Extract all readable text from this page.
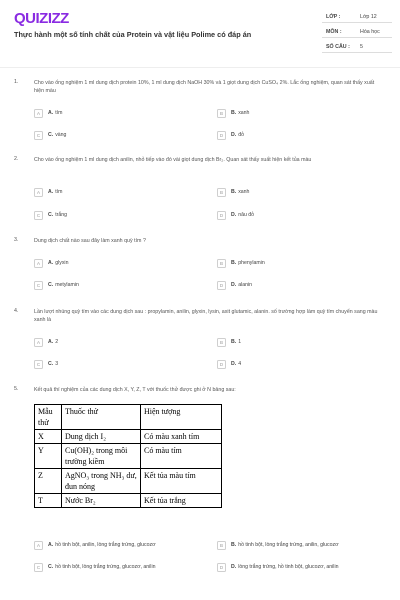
QUIZIZZ
Thực hành một số tính chất của Protein và vật liệu Polime có đáp án
LỚP :	Lớp 12
MÔN :	Hóa học
SỐ CÂU : 5
1.	Cho vào ống nghiệm 1 ml dung dịch protein 10%, 1 ml dung dịch NaOH 30% và 1 giọt dung dịch CuSO₄ 2%. Lắc ống nghiệm, quan sát thấy xuất hiện màu
A	A. tím	B	B. xanh
C	C. vàng	D	D. đỏ
2.	Cho vào ống nghiệm 1 ml dung dịch anilin, nhỏ tiếp vào đó vài giọt dung dịch Br₂. Quan sát thấy xuất hiện kết tủa màu
A	A. tím	B	B. xanh
C	C. trắng	D	D. nâu đỏ
3.	Dung dịch chất nào sau đây làm xanh quỳ tím ?
A	A. glyxin	B	B. phenylamin
C	C. metylamin	D	D. alanin
4.	Lần lượt nhúng quỳ tím vào các dung dịch sau : propylamin, anilin, glyxin, lysin, axit glutamic, alanin. số trường hợp làm quỳ tím chuyển sang màu xanh là
A	A. 2	B	B. 1
C	C. 3	D	D. 4
5.	Kết quả thí nghiệm của các dung dịch X, Y, Z, T với thuốc thử được ghi ở N bảng sau:
Mẫu thử	Thuốc thử	Hiện tượng
X	Dung dịch I₂	Có màu xanh tím
Y	Cu(OH)₂ trong môi trường kiềm	Có màu tím
Z	AgNO₃ trong NH₃ dư, đun nóng	Kết tủa màu tím
T	Nước Br₂	Kết tủa trắng
A	A. hồ tinh bột, anilin, lòng trắng trứng, glucozơ	B	B. hồ tinh bột, lòng trắng trứng, anilin, glucozơ
C	C. hồ tinh bột, lòng trắng trứng, glucozơ, anilin	D	D. lòng trắng trứng, hồ tinh bột, glucozơ, anilin
